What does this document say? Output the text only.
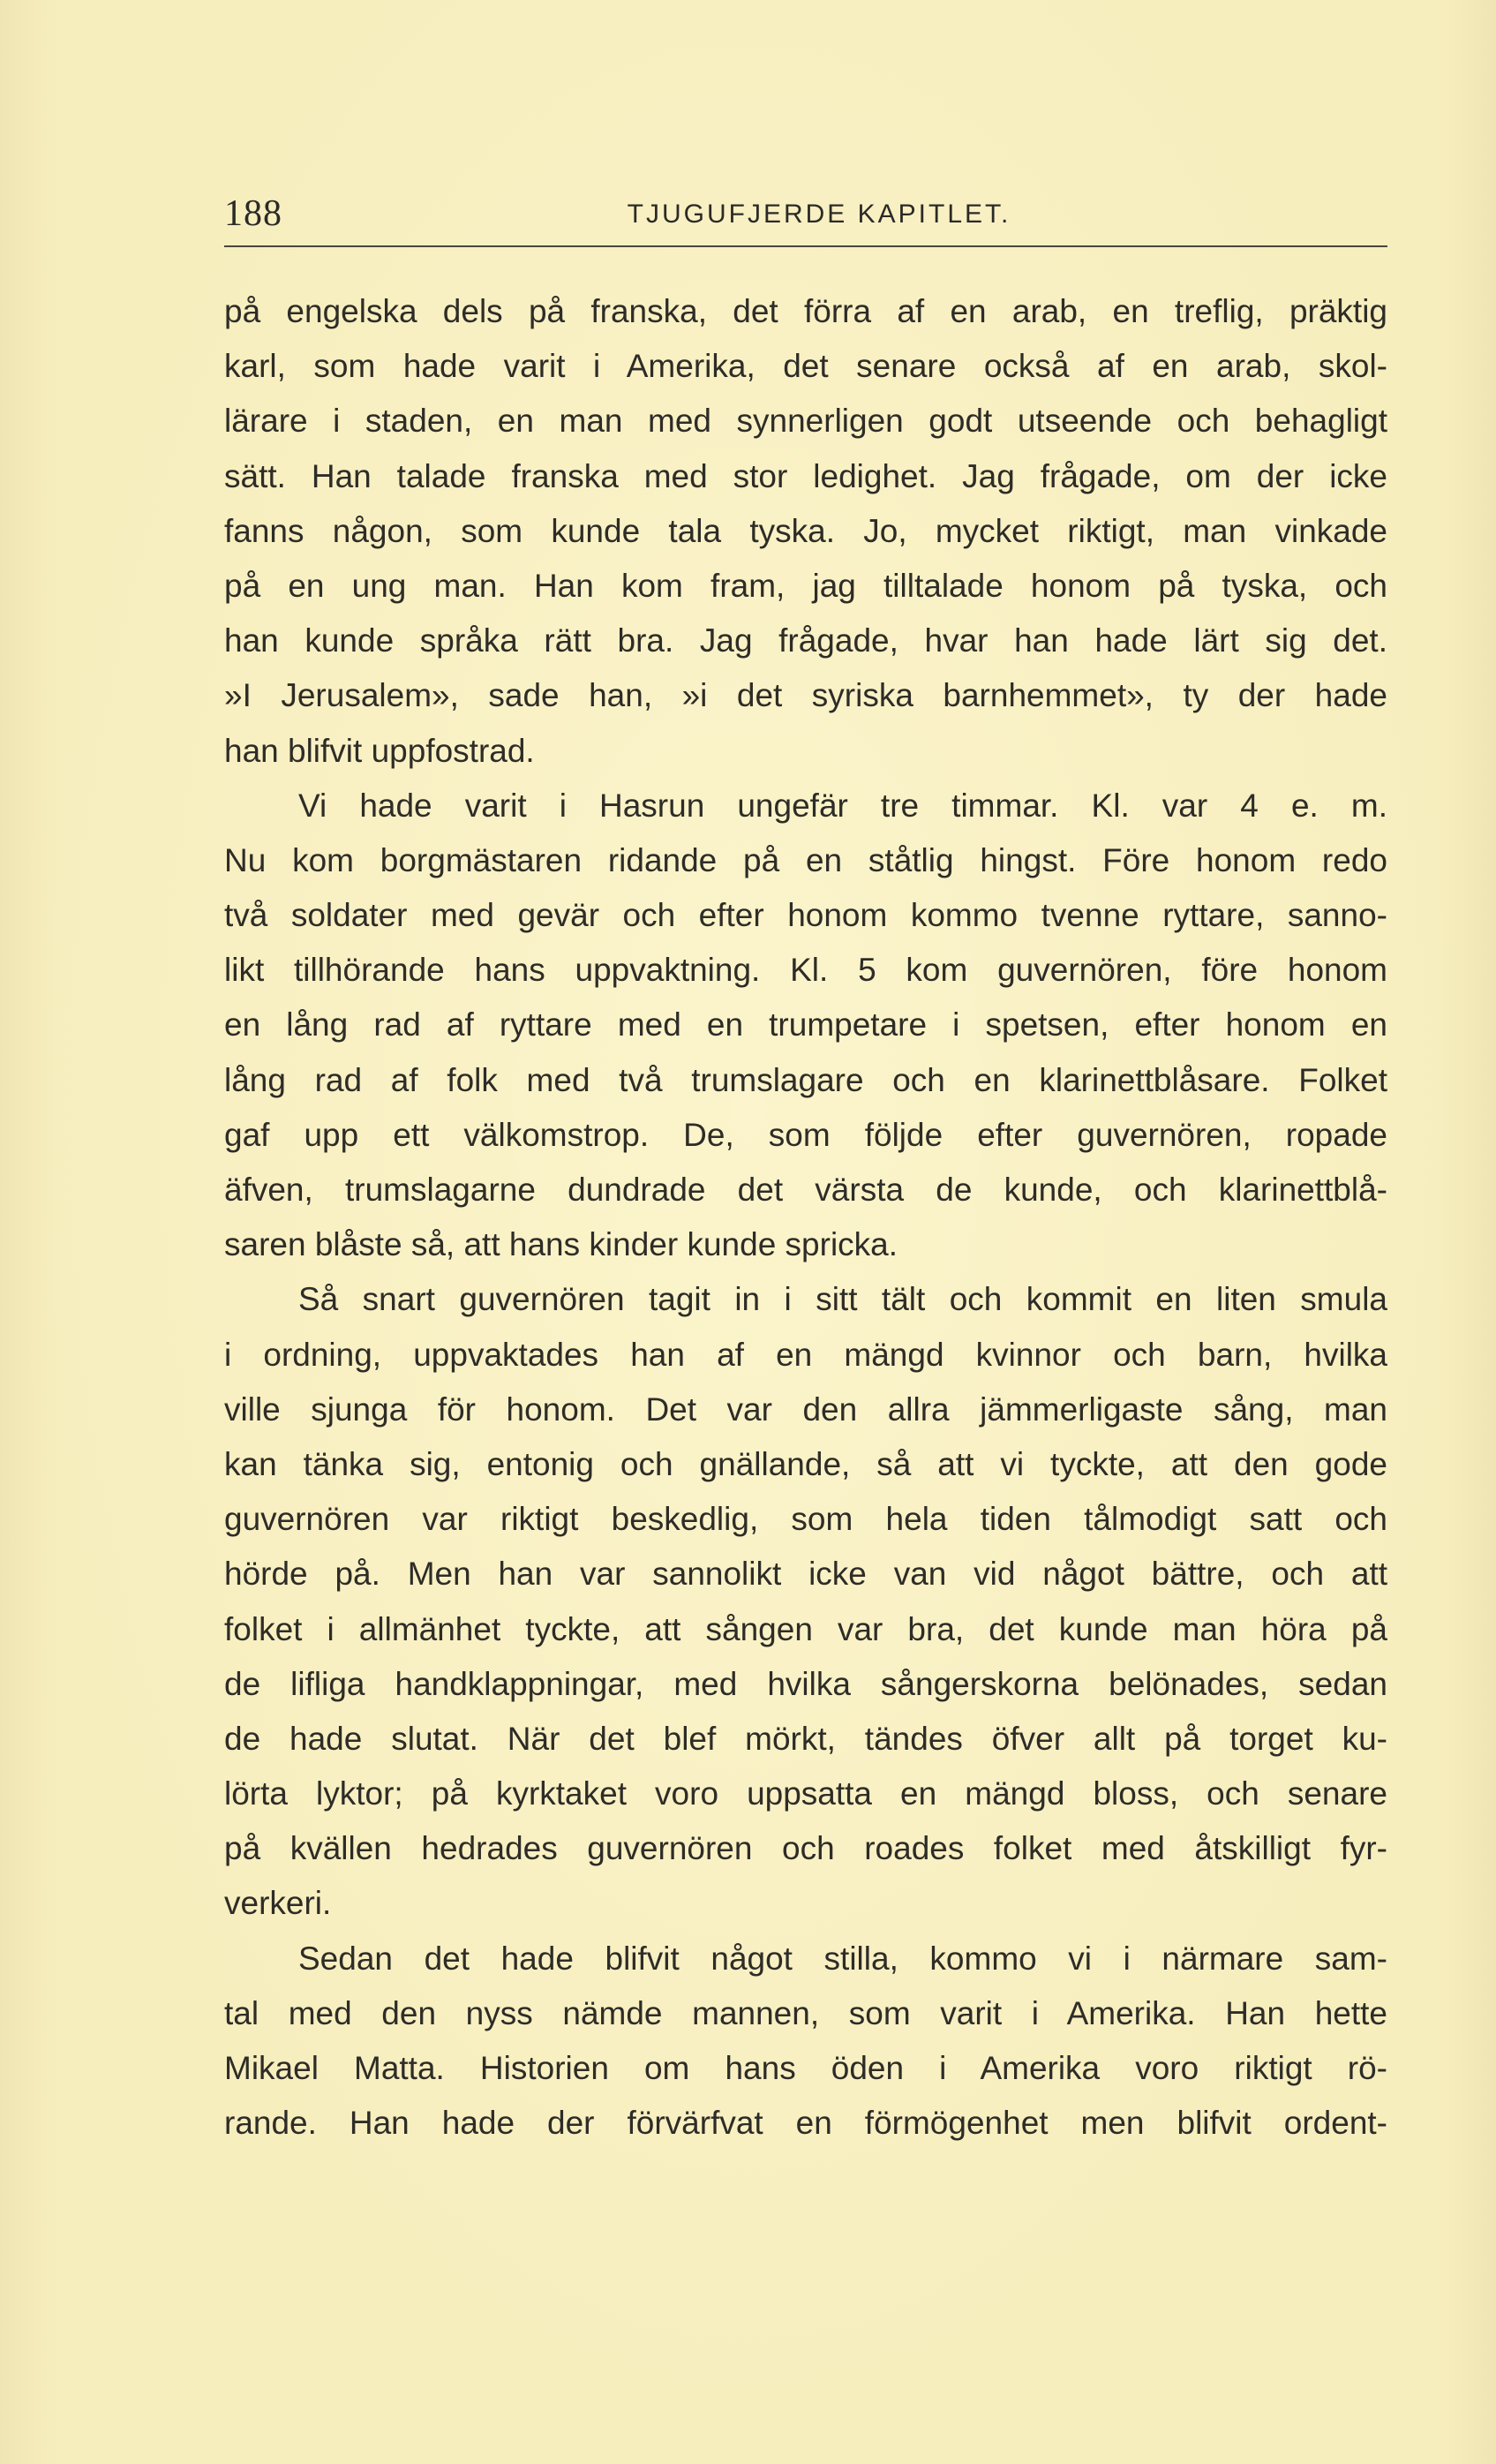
188	TJUGUFJERDE KAPITLET.
på engelska dels på franska, det förra af en arab, en treflig, präktig
karl, som hade varit i Amerika, det senare också af en arab, skol-
lärare i staden, en man med synnerligen godt utseende och behagligt
sätt. Han talade franska med stor ledighet. Jag frågade, om der icke
fanns någon, som kunde tala tyska. Jo, mycket riktigt, man vinkade
på en ung man. Han kom fram, jag tilltalade honom på tyska, och
han kunde språka rätt bra. Jag frågade, hvar han hade lärt sig det.
»I Jerusalem», sade han, »i det syriska barnhemmet», ty der hade
han blifvit uppfostrad.
Vi hade varit i Hasrun ungefär tre timmar. Kl. var 4 e. m.
Nu kom borgmästaren ridande på en ståtlig hingst. Före honom redo
två soldater med gevär och efter honom kommo tvenne ryttare, sanno-
likt tillhörande hans uppvaktning. Kl. 5 kom guvernören, före honom
en lång rad af ryttare med en trumpetare i spetsen, efter honom en
lång rad af folk med två trumslagare och en klarinettblåsare. Folket
gaf upp ett välkomstrop. De, som följde efter guvernören, ropade
äfven, trumslagarne dundrade det värsta de kunde, och klarinettblå-
saren blåste så, att hans kinder kunde spricka.
Så snart guvernören tagit in i sitt tält och kommit en liten smula
i ordning, uppvaktades han af en mängd kvinnor och barn, hvilka
ville sjunga för honom. Det var den allra jämmerligaste sång, man
kan tänka sig, entonig och gnällande, så att vi tyckte, att den gode
guvernören var riktigt beskedlig, som hela tiden tålmodigt satt och
hörde på. Men han var sannolikt icke van vid något bättre, och att
folket i allmänhet tyckte, att sången var bra, det kunde man höra på
de lifliga handklappningar, med hvilka sångerskorna belönades, sedan
de hade slutat. När det blef mörkt, tändes öfver allt på torget ku-
lörta lyktor; på kyrktaket voro uppsatta en mängd bloss, och senare
på kvällen hedrades guvernören och roades folket med åtskilligt fyr-
verkeri.
Sedan det hade blifvit något stilla, kommo vi i närmare sam-
tal med den nyss nämde mannen, som varit i Amerika. Han hette
Mikael Matta. Historien om hans öden i Amerika voro riktigt rö-
rande. Han hade der förvärfvat en förmögenhet men blifvit ordent-
